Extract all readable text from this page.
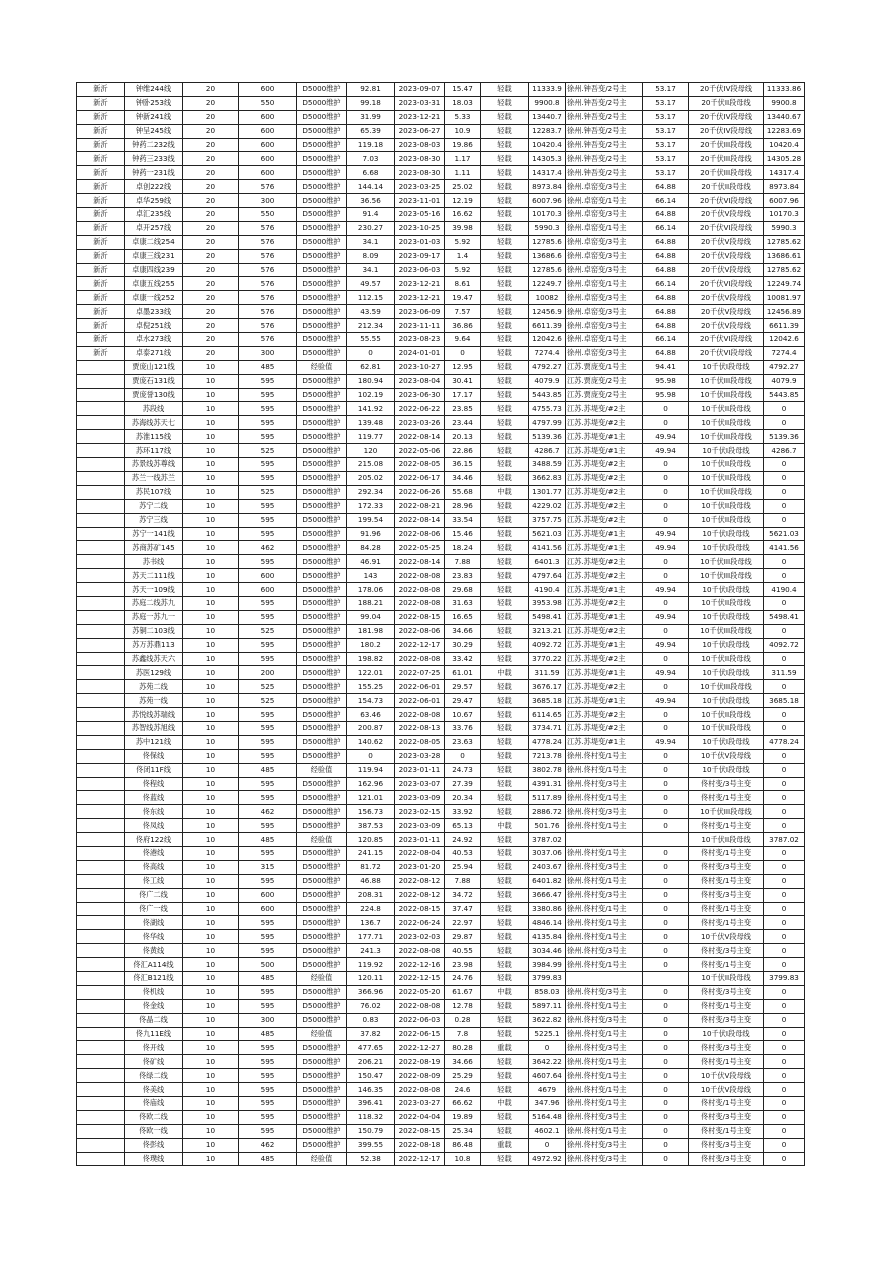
新沂	钟维244线	20	600	D5000维护	92.81	2023-09-07	15.47	轻载	11333.9	徐州.钟吾变/2号主	53.17	20千伏IV段母线	11333.86
新沂	钟卧253线	20	550	D5000维护	99.18	2023-03-31	18.03	轻载	9900.8	徐州.钟吾变/2号主	53.17	20千伏II段母线	9900.8
新沂	钟新241线	20	600	D5000维护	31.99	2023-12-21	5.33	轻载	13440.7	徐州.钟吾变/2号主	53.17	20千伏IV段母线	13440.67
新沂	钟呈245线	20	600	D5000维护	65.39	2023-06-27	10.9	轻载	12283.7	徐州.钟吾变/2号主	53.17	20千伏IV段母线	12283.69
新沂	钟药二232线	20	600	D5000维护	119.18	2023-08-03	19.86	轻载	10420.4	徐州.钟吾变/2号主	53.17	20千伏III段母线	10420.4
新沂	钟药三233线	20	600	D5000维护	7.03	2023-08-30	1.17	轻载	14305.3	徐州.钟吾变/2号主	53.17	20千伏III段母线	14305.28
新沂	钟药一231线	20	600	D5000维护	6.68	2023-08-30	1.11	轻载	14317.4	徐州.钟吾变/2号主	53.17	20千伏III段母线	14317.4
新沂	卓创222线	20	576	D5000维护	144.14	2023-03-25	25.02	轻载	8973.84	徐州.卓窑变/3号主	64.88	20千伏II段母线	8973.84
新沂	卓华259线	20	300	D5000维护	36.56	2023-11-01	12.19	轻载	6007.96	徐州.卓窑变/1号主	66.14	20千伏VI段母线	6007.96
新沂	卓汇235线	20	550	D5000维护	91.4	2023-05-16	16.62	轻载	10170.3	徐州.卓窑变/3号主	64.88	20千伏V段母线	10170.3
新沂	卓开257线	20	576	D5000维护	230.27	2023-10-25	39.98	轻载	5990.3	徐州.卓窑变/1号主	66.14	20千伏VI段母线	5990.3
新沂	卓康二线254	20	576	D5000维护	34.1	2023-01-03	5.92	轻载	12785.6	徐州.卓窑变/3号主	64.88	20千伏V段母线	12785.62
新沂	卓康三线231	20	576	D5000维护	8.09	2023-09-17	1.4	轻载	13686.6	徐州.卓窑变/3号主	64.88	20千伏V段母线	13686.61
新沂	卓康四线239	20	576	D5000维护	34.1	2023-06-03	5.92	轻载	12785.6	徐州.卓窑变/3号主	64.88	20千伏V段母线	12785.62
新沂	卓康五线255	20	576	D5000维护	49.57	2023-12-21	8.61	轻载	12249.7	徐州.卓窑变/1号主	66.14	20千伏VI段母线	12249.74
新沂	卓康一线252	20	576	D5000维护	112.15	2023-12-21	19.47	轻载	10082	徐州.卓窑变/3号主	64.88	20千伏V段母线	10081.97
新沂	卓墨233线	20	576	D5000维护	43.59	2023-06-09	7.57	轻载	12456.9	徐州.卓窑变/3号主	64.88	20千伏V段母线	12456.89
新沂	卓倪251线	20	576	D5000维护	212.34	2023-11-11	36.86	轻载	6611.39	徐州.卓窑变/3号主	64.88	20千伏V段母线	6611.39
新沂	卓水273线	20	576	D5000维护	55.55	2023-08-23	9.64	轻载	12042.6	徐州.卓窑变/1号主	66.14	20千伏VI段母线	12042.6
新沂	卓泰271线	20	300	D5000维护	0	2024-01-01	0	轻载	7274.4	徐州.卓窑变/3号主	64.88	20千伏VI段母线	7274.4
	贾庞山121线	10	485	经验值	62.81	2023-10-27	12.95	轻载	4792.27	江苏.贾庞变/1号主	94.41	10千伏I段母线	4792.27
	贾庞石131线	10	595	D5000维护	180.94	2023-08-04	30.41	轻载	4079.9	江苏.贾庞变/2号主	95.98	10千伏III段母线	4079.9
	贾庞誉130线	10	595	D5000维护	102.19	2023-06-30	17.17	轻载	5443.85	江苏.贾庞变/2号主	95.98	10千伏III段母线	5443.85
	苏段线	10	595	D5000维护	141.92	2022-06-22	23.85	轻载	4755.73	江苏.苏堤变/#2主	0	10千伏II段母线	0
	苏海线苏天七	10	595	D5000维护	139.48	2023-03-26	23.44	轻载	4797.99	江苏.苏堤变/#2主	0	10千伏II段母线	0
	苏淮115线	10	595	D5000维护	119.77	2022-08-14	20.13	轻载	5139.36	江苏.苏堤变/#1主	49.94	10千伏III段母线	5139.36
	苏环117线	10	525	D5000维护	120	2022-05-06	22.86	轻载	4286.7	江苏.苏堤变/#1主	49.94	10千伏I段母线	4286.7
	苏景线苏尊线	10	595	D5000维护	215.08	2022-08-05	36.15	轻载	3488.59	江苏.苏堤变/#2主	0	10千伏II段母线	0
	苏兰一线苏兰	10	595	D5000维护	205.02	2022-06-17	34.46	轻载	3662.83	江苏.苏堤变/#2主	0	10千伏II段母线	0
	苏民107线	10	525	D5000维护	292.34	2022-06-26	55.68	中载	1301.77	江苏.苏堤变/#2主	0	10千伏III段母线	0
	苏宁二线	10	595	D5000维护	172.33	2022-08-21	28.96	轻载	4229.02	江苏.苏堤变/#2主	0	10千伏II段母线	0
	苏宁三线	10	595	D5000维护	199.54	2022-08-14	33.54	轻载	3757.75	江苏.苏堤变/#2主	0	10千伏II段母线	0
	苏宁一141线	10	595	D5000维护	91.96	2022-08-06	15.46	轻载	5621.03	江苏.苏堤变/#1主	49.94	10千伏I段母线	5621.03
	苏商苏矿145	10	462	D5000维护	84.28	2022-05-25	18.24	轻载	4141.56	江苏.苏堤变/#1主	49.94	10千伏I段母线	4141.56
	苏书线	10	595	D5000维护	46.91	2022-08-14	7.88	轻载	6401.3	江苏.苏堤变/#2主	0	10千伏III段母线	0
	苏天二111线	10	600	D5000维护	143	2022-08-08	23.83	轻载	4797.64	江苏.苏堤变/#2主	0	10千伏III段母线	0
	苏天一109线	10	600	D5000维护	178.06	2022-08-08	29.68	轻载	4190.4	江苏.苏堤变/#1主	49.94	10千伏I段母线	4190.4
	苏庭二线苏九	10	595	D5000维护	188.21	2022-08-08	31.63	轻载	3953.98	江苏.苏堤变/#2主	0	10千伏II段母线	0
	苏庭一苏九一	10	595	D5000维护	99.04	2022-08-15	16.65	轻载	5498.41	江苏.苏堤变/#1主	49.94	10千伏I段母线	5498.41
	苏铜二103线	10	525	D5000维护	181.98	2022-08-06	34.66	轻载	3213.21	江苏.苏堤变/#2主	0	10千伏III段母线	0
	苏万苏鼎113	10	595	D5000维护	180.2	2022-12-17	30.29	轻载	4092.72	江苏.苏堤变/#1主	49.94	10千伏I段母线	4092.72
	苏鑫线苏天六	10	595	D5000维护	198.82	2022-08-08	33.42	轻载	3770.22	江苏.苏堤变/#2主	0	10千伏II段母线	0
	苏医129线	10	200	D5000维护	122.01	2022-07-25	61.01	中载	311.59	江苏.苏堤变/#1主	49.94	10千伏I段母线	311.59
	苏苑二线	10	525	D5000维护	155.25	2022-06-01	29.57	轻载	3676.17	江苏.苏堤变/#2主	0	10千伏III段母线	0
	苏苑一线	10	525	D5000维护	154.73	2022-06-01	29.47	轻载	3685.18	江苏.苏堤变/#1主	49.94	10千伏I段母线	3685.18
	苏悦线苏瑞线	10	595	D5000维护	63.46	2022-08-08	10.67	轻载	6114.65	江苏.苏堤变/#2主	0	10千伏II段母线	0
	苏智线苏旭线	10	595	D5000维护	200.87	2022-08-13	33.76	轻载	3734.71	江苏.苏堤变/#2主	0	10千伏II段母线	0
	苏中121线	10	595	D5000维护	140.62	2022-08-05	23.63	轻载	4778.24	江苏.苏堤变/#1主	49.94	10千伏I段母线	4778.24
	佟保线	10	595	D5000维护	0	2023-03-28	0	轻载	7213.78	徐州.佟村变/1号主	0	10千伏V段母线	0
	佟闭11F线	10	485	经验值	119.94	2023-01-11	24.73	轻载	3802.78	徐州.佟村变/1号主	0	10千伏I段母线	0
	佟程线	10	595	D5000维护	162.96	2023-03-07	27.39	轻载	4391.31	徐州.佟村变/3号主	0	佟村变/3号主变	0
	佟蓝线	10	595	D5000维护	121.01	2023-03-09	20.34	轻载	5117.89	徐州.佟村变/1号主	0	佟村变/1号主变	0
	佟东线	10	462	D5000维护	156.73	2023-02-15	33.92	轻载	2886.72	徐州.佟村变/3号主	0	10千伏III段母线	0
	佟凤线	10	595	D5000维护	387.53	2023-03-09	65.13	中载	501.76	徐州.佟村变/1号主	0	佟村变/1号主变	0
	佟府122线	10	485	经验值	120.85	2023-01-11	24.92	轻载	3787.02			10千伏II段母线	3787.02
	佟港线	10	595	D5000维护	241.15	2022-08-04	40.53	轻载	3037.06	徐州.佟村变/1号主	0	佟村变/1号主变	0
	佟高线	10	315	D5000维护	81.72	2023-01-20	25.94	轻载	2403.67	徐州.佟村变/3号主	0	佟村变/3号主变	0
	佟工线	10	595	D5000维护	46.88	2022-08-12	7.88	轻载	6401.82	徐州.佟村变/1号主	0	佟村变/1号主变	0
	佟广二线	10	600	D5000维护	208.31	2022-08-12	34.72	轻载	3666.47	徐州.佟村变/3号主	0	佟村变/3号主变	0
	佟广一线	10	600	D5000维护	224.8	2022-08-15	37.47	轻载	3380.86	徐州.佟村变/1号主	0	佟村变/1号主变	0
	佟湖线	10	595	D5000维护	136.7	2022-06-24	22.97	轻载	4846.14	徐州.佟村变/1号主	0	佟村变/1号主变	0
	佟华线	10	595	D5000维护	177.71	2023-02-03	29.87	轻载	4135.84	徐州.佟村变/1号主	0	10千伏V段母线	0
	佟黄线	10	595	D5000维护	241.3	2022-08-08	40.55	轻载	3034.46	徐州.佟村变/3号主	0	佟村变/3号主变	0
	佟汇A114线	10	500	D5000维护	119.92	2022-12-16	23.98	轻载	3984.99	徐州.佟村变/1号主	0	佟村变/1号主变	0
	佟汇B121线	10	485	经验值	120.11	2022-12-15	24.76	轻载	3799.83			10千伏II段母线	3799.83
	佟机线	10	595	D5000维护	366.96	2022-05-20	61.67	中载	858.03	徐州.佟村变/3号主	0	佟村变/3号主变	0
	佟金线	10	595	D5000维护	76.02	2022-08-08	12.78	轻载	5897.11	徐州.佟村变/1号主	0	佟村变/1号主变	0
	佟晶二线	10	300	D5000维护	0.83	2022-06-03	0.28	轻载	3622.82	徐州.佟村变/3号主	0	佟村变/3号主变	0
	佟九11E线	10	485	经验值	37.82	2022-06-15	7.8	轻载	5225.1	徐州.佟村变/1号主	0	10千伏I段母线	0
	佟开线	10	595	D5000维护	477.65	2022-12-27	80.28	重载	0	徐州.佟村变/3号主	0	佟村变/3号主变	0
	佟矿线	10	595	D5000维护	206.21	2022-08-19	34.66	轻载	3642.22	徐州.佟村变/1号主	0	佟村变/1号主变	0
	佟绿二线	10	595	D5000维护	150.47	2022-08-09	25.29	轻载	4607.64	徐州.佟村变/1号主	0	10千伏V段母线	0
	佟美线	10	595	D5000维护	146.35	2022-08-08	24.6	轻载	4679	徐州.佟村变/1号主	0	10千伏V段母线	0
	佟庙线	10	595	D5000维护	396.41	2023-03-27	66.62	中载	347.96	徐州.佟村变/1号主	0	佟村变/1号主变	0
	佟欧二线	10	595	D5000维护	118.32	2022-04-04	19.89	轻载	5164.48	徐州.佟村变/3号主	0	佟村变/3号主变	0
	佟欧一线	10	595	D5000维护	150.79	2022-08-15	25.34	轻载	4602.1	徐州.佟村变/1号主	0	佟村变/1号主变	0
	佟彭线	10	462	D5000维护	399.55	2022-08-18	86.48	重载	0	徐州.佟村变/3号主	0	佟村变/3号主变	0
	佟璞线	10	485	经验值	52.38	2022-12-17	10.8	轻载	4972.92	徐州.佟村变/3号主	0	佟村变/3号主变	0
